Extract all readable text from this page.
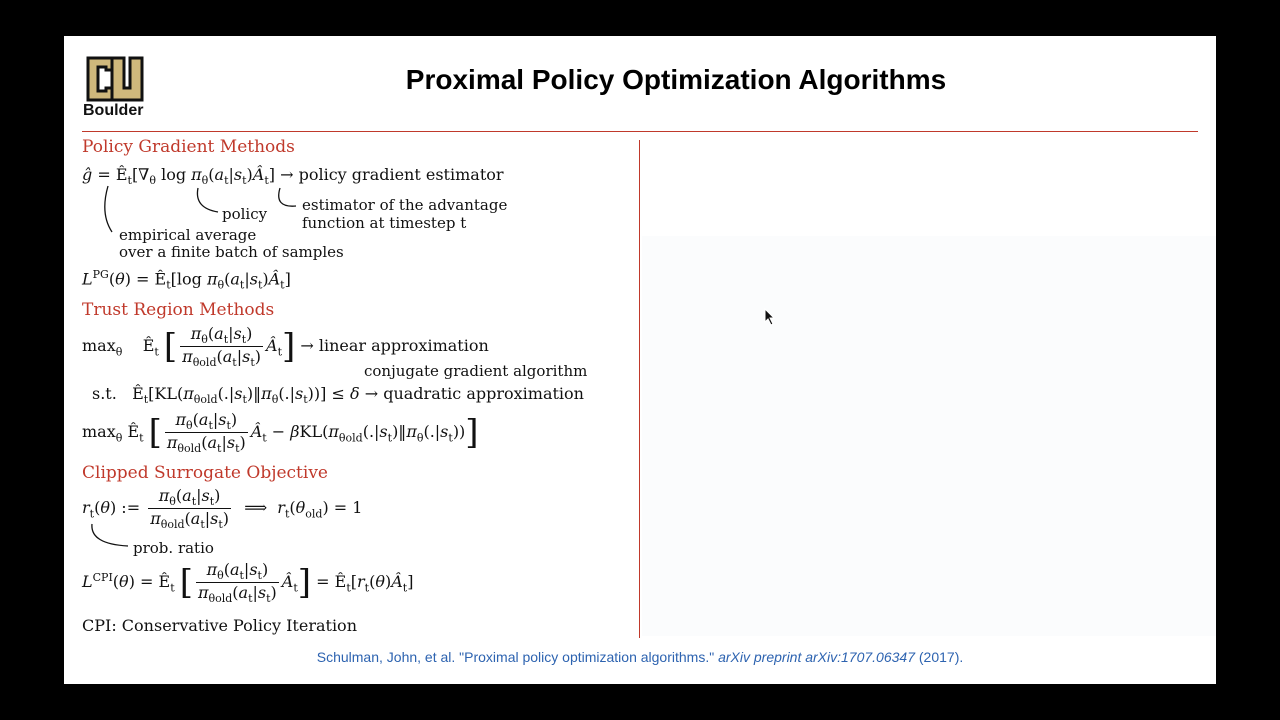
Boulder
Proximal Policy Optimization Algorithms
Policy Gradient Methods
ĝ = $Ê_t[\nabla_\theta$ $\log \pi_\theta(a_t|s_t)Â_t$] → policy gradient estimator
policy estimator of the advantage
function at timestep t
empirical average
over a finite batch of samples
$L^{PG}(\theta)$ = $Ê_t[\log$ $\pi_\theta(a_t|s_t)Â_t$]
Trust Region Methods
$\max_\theta$    $Ê_t$ [ $\frac{\pi_\theta(a_t|s_t)}{\pi_{\theta old}(a_t|s_t)}$ $Â_t$] → linear approximation
conjugate gradient algorithm
s.t.   $Ê_t[KL(\pi_{\theta old}(.|s_t)‖\pi_\theta(.|s_t))] \le \delta$ → quadratic approximation
$\max_\theta$ $Ê_t$ [ $\frac{\pi_\theta(a_t|s_t)}{\pi_{\theta old}(a_t|s_t)}$ $Â_t$ − $\beta KL(\pi_{\theta old}(.|s_t)‖\pi_\theta(.|s_t))$]
Clipped Surrogate Objective
$r_t(\theta)$ := $\frac{\pi_\theta(a_t|s_t)}{\pi_{\theta old}(a_t|s_t)}$ ⟹  $r_t(\theta_{old}) = 1$
prob. ratio
$L^{CPI}(\theta)$ = $Ê_t$ [ $\frac{\pi_\theta(a_t|s_t)}{\pi_{\theta old}(a_t|s_t)}$ $Â_t$] = $Ê_t[r_t(\theta)Â_t]$
CPI: Conservative Policy Iteration
Schulman, John, et al. "Proximal policy optimization algorithms." arXiv preprint arXiv:1707.06347 (2017).
